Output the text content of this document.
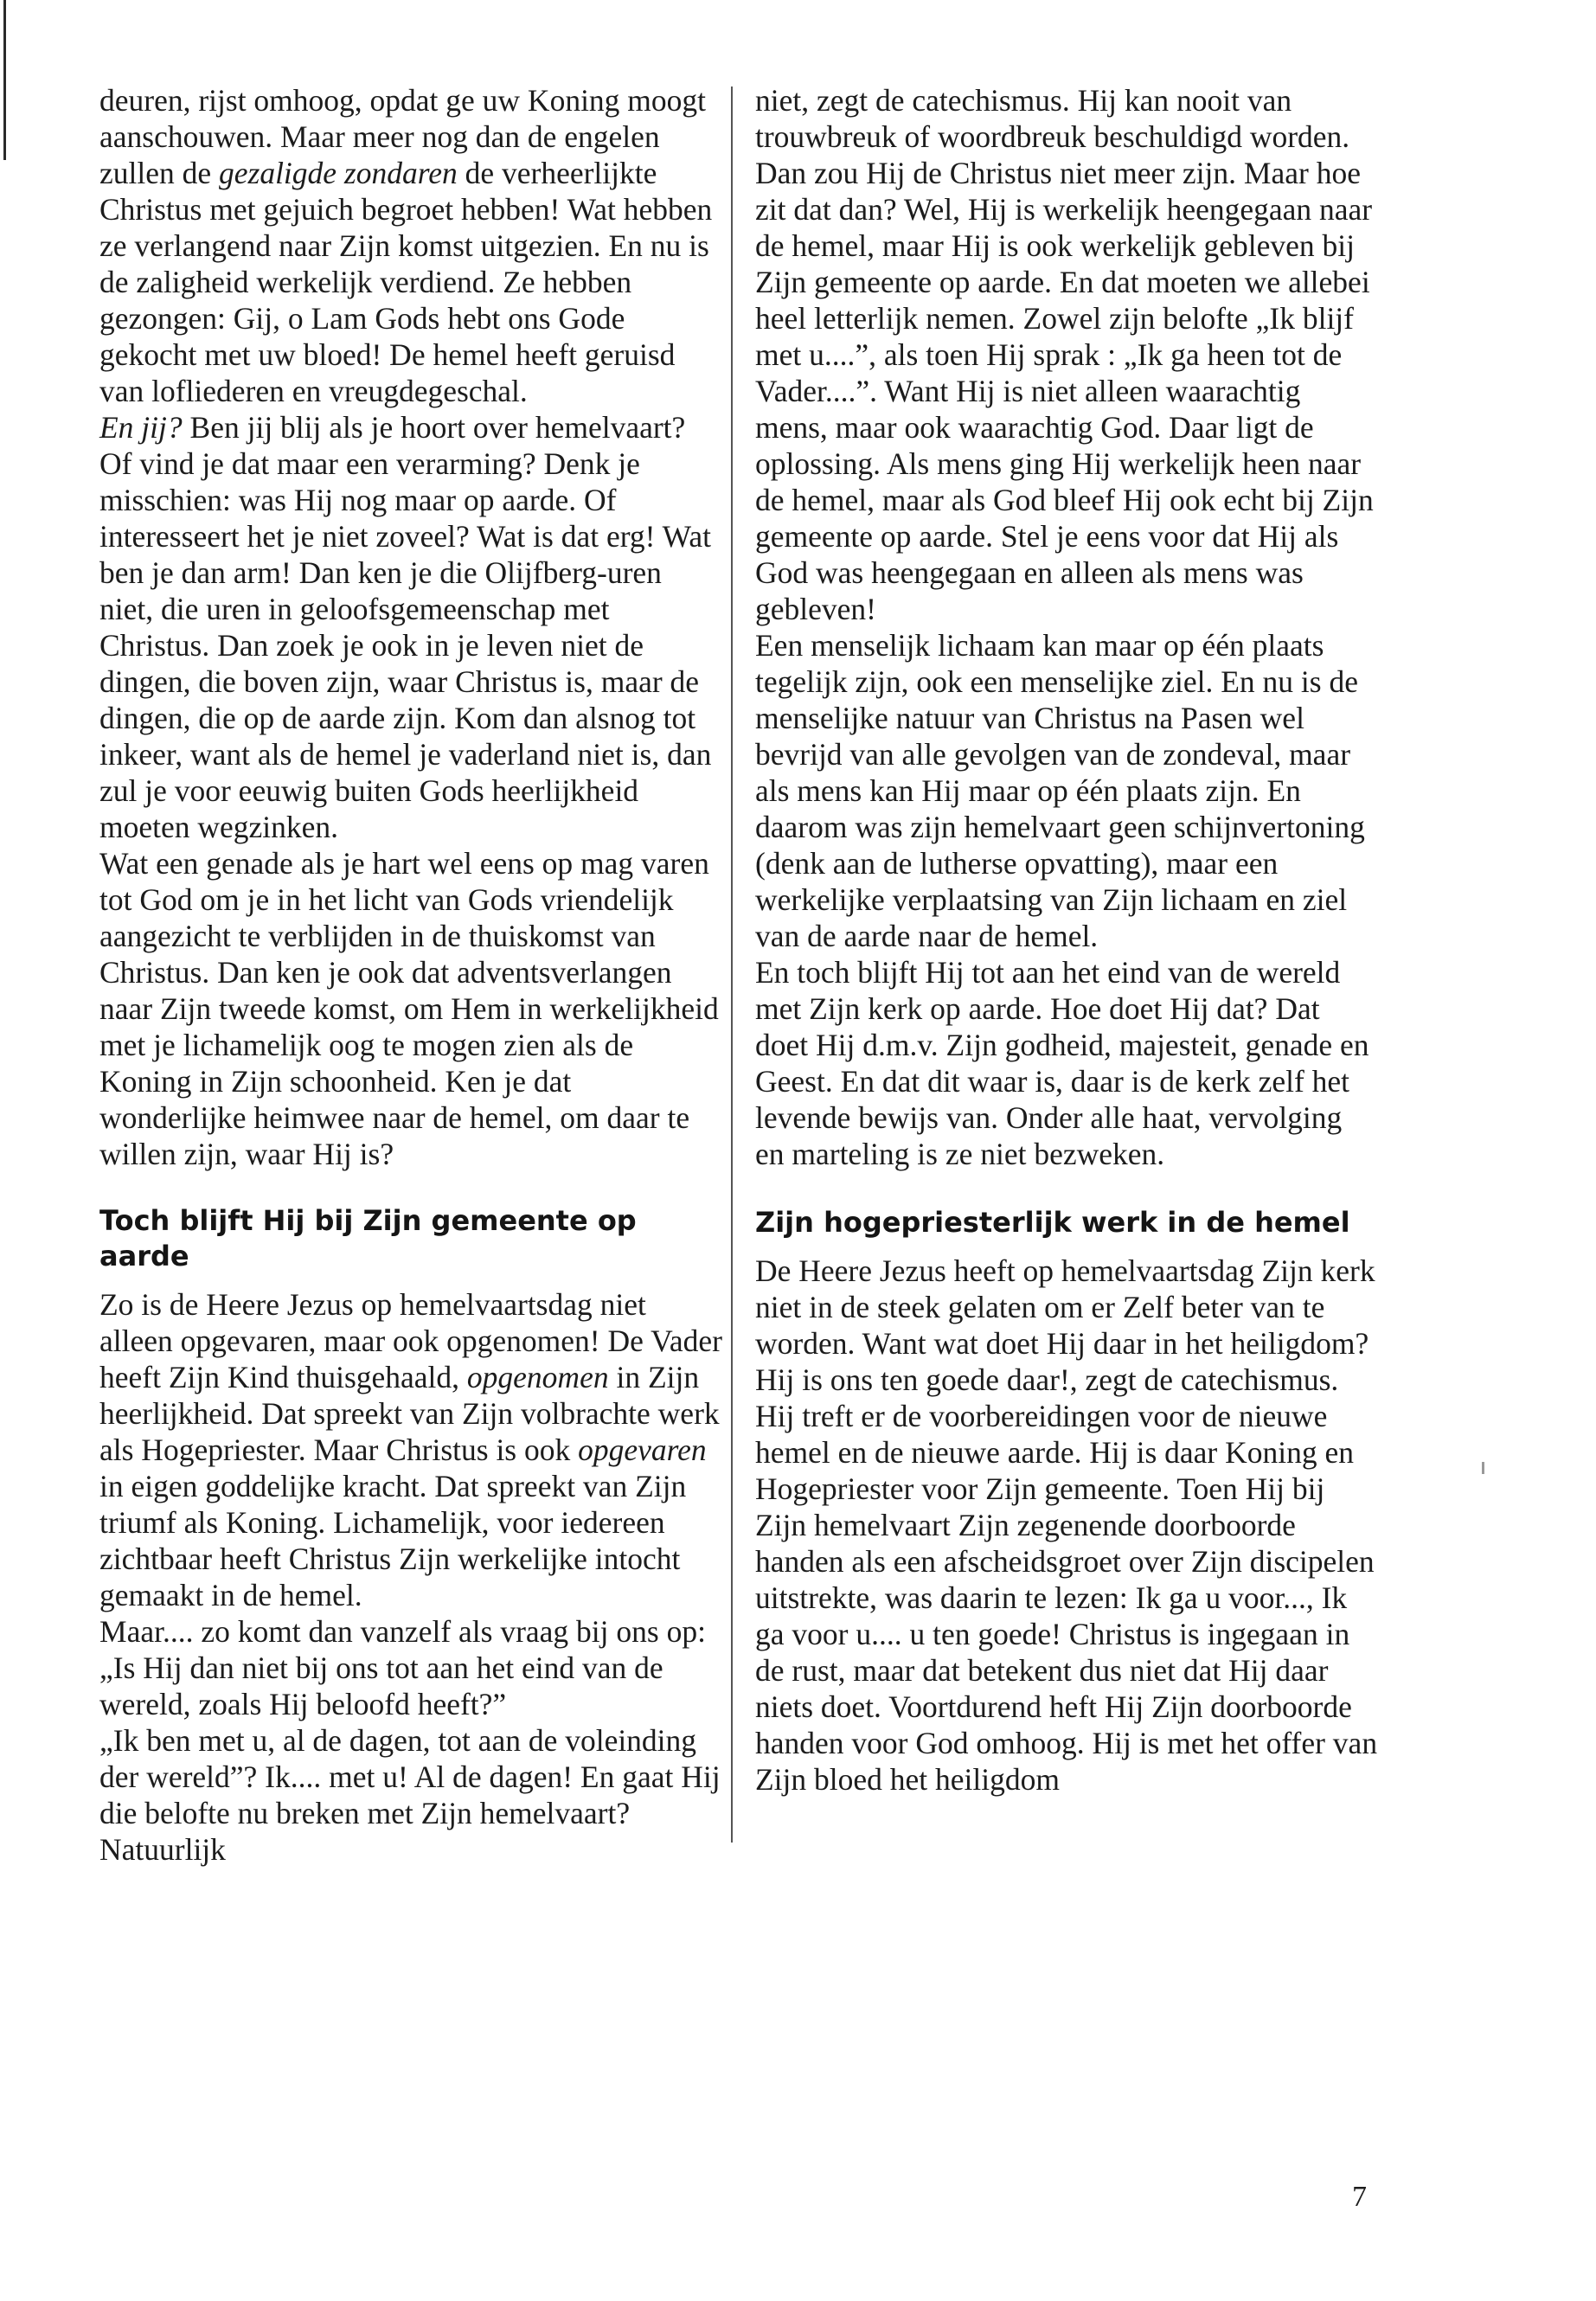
deuren, rijst omhoog, opdat ge uw Koning moogt aanschouwen. Maar meer nog dan de engelen zullen de gezaligde zondaren de verheerlijkte Christus met gejuich begroet hebben! Wat hebben ze verlangend naar Zijn komst uitgezien. En nu is de zaligheid werkelijk verdiend. Ze hebben gezongen: Gij, o Lam Gods hebt ons Gode gekocht met uw bloed! De hemel heeft geruisd van lofliederen en vreugdegeschal.

En jij? Ben jij blij als je hoort over hemelvaart? Of vind je dat maar een verarming? Denk je misschien: was Hij nog maar op aarde. Of interesseert het je niet zoveel? Wat is dat erg! Wat ben je dan arm! Dan ken je die Olijfberg-uren niet, die uren in geloofsgemeenschap met Christus. Dan zoek je ook in je leven niet de dingen, die boven zijn, waar Christus is, maar de dingen, die op de aarde zijn. Kom dan alsnog tot inkeer, want als de hemel je vaderland niet is, dan zul je voor eeuwig buiten Gods heerlijkheid moeten wegzinken.

Wat een genade als je hart wel eens op mag varen tot God om je in het licht van Gods vriendelijk aangezicht te verblijden in de thuiskomst van Christus. Dan ken je ook dat adventsverlangen naar Zijn tweede komst, om Hem in werkelijkheid met je lichamelijk oog te mogen zien als de Koning in Zijn schoonheid. Ken je dat wonderlijke heimwee naar de hemel, om daar te willen zijn, waar Hij is?

Toch blijft Hij bij Zijn gemeente op aarde

Zo is de Heere Jezus op hemelvaartsdag niet alleen opgevaren, maar ook opgenomen! De Vader heeft Zijn Kind thuisgehaald, opgenomen in Zijn heerlijkheid. Dat spreekt van Zijn volbrachte werk als Hogepriester. Maar Christus is ook opgevaren in eigen goddelijke kracht. Dat spreekt van Zijn triumf als Koning. Lichamelijk, voor iedereen zichtbaar heeft Christus Zijn werkelijke intocht gemaakt in de hemel.

Maar.... zo komt dan vanzelf als vraag bij ons op: „Is Hij dan niet bij ons tot aan het eind van de wereld, zoals Hij beloofd heeft?”

„Ik ben met u, al de dagen, tot aan de voleinding der wereld”? Ik.... met u! Al de dagen! En gaat Hij die belofte nu breken met Zijn hemelvaart? Natuurlijk

niet, zegt de catechismus. Hij kan nooit van trouwbreuk of woordbreuk beschuldigd worden. Dan zou Hij de Christus niet meer zijn. Maar hoe zit dat dan? Wel, Hij is werkelijk heengegaan naar de hemel, maar Hij is ook werkelijk gebleven bij Zijn gemeente op aarde. En dat moeten we allebei heel letterlijk nemen. Zowel zijn belofte „Ik blijf met u....”, als toen Hij sprak : „Ik ga heen tot de Vader....”. Want Hij is niet alleen waarachtig mens, maar ook waarachtig God. Daar ligt de oplossing. Als mens ging Hij werkelijk heen naar de hemel, maar als God bleef Hij ook echt bij Zijn gemeente op aarde. Stel je eens voor dat Hij als God was heengegaan en alleen als mens was gebleven!

Een menselijk lichaam kan maar op één plaats tegelijk zijn, ook een menselijke ziel. En nu is de menselijke natuur van Christus na Pasen wel bevrijd van alle gevolgen van de zondeval, maar als mens kan Hij maar op één plaats zijn. En daarom was zijn hemelvaart geen schijnvertoning (denk aan de lutherse opvatting), maar een werkelijke verplaatsing van Zijn lichaam en ziel van de aarde naar de hemel.

En toch blijft Hij tot aan het eind van de wereld met Zijn kerk op aarde. Hoe doet Hij dat? Dat doet Hij d.m.v. Zijn godheid, majesteit, genade en Geest. En dat dit waar is, daar is de kerk zelf het levende bewijs van. Onder alle haat, vervolging en marteling is ze niet bezweken.

Zijn hogepriesterlijk werk in de hemel

De Heere Jezus heeft op hemelvaartsdag Zijn kerk niet in de steek gelaten om er Zelf beter van te worden. Want wat doet Hij daar in het heiligdom? Hij is ons ten goede daar!, zegt de catechismus. Hij treft er de voorbereidingen voor de nieuwe hemel en de nieuwe aarde. Hij is daar Koning en Hogepriester voor Zijn gemeente. Toen Hij bij Zijn hemelvaart Zijn zegenende doorboorde handen als een afscheidsgroet over Zijn discipelen uitstrekte, was daarin te lezen: Ik ga u voor..., Ik ga voor u.... u ten goede! Christus is ingegaan in de rust, maar dat betekent dus niet dat Hij daar niets doet. Voortdurend heft Hij Zijn doorboorde handen voor God omhoog. Hij is met het offer van Zijn bloed het heiligdom

7
